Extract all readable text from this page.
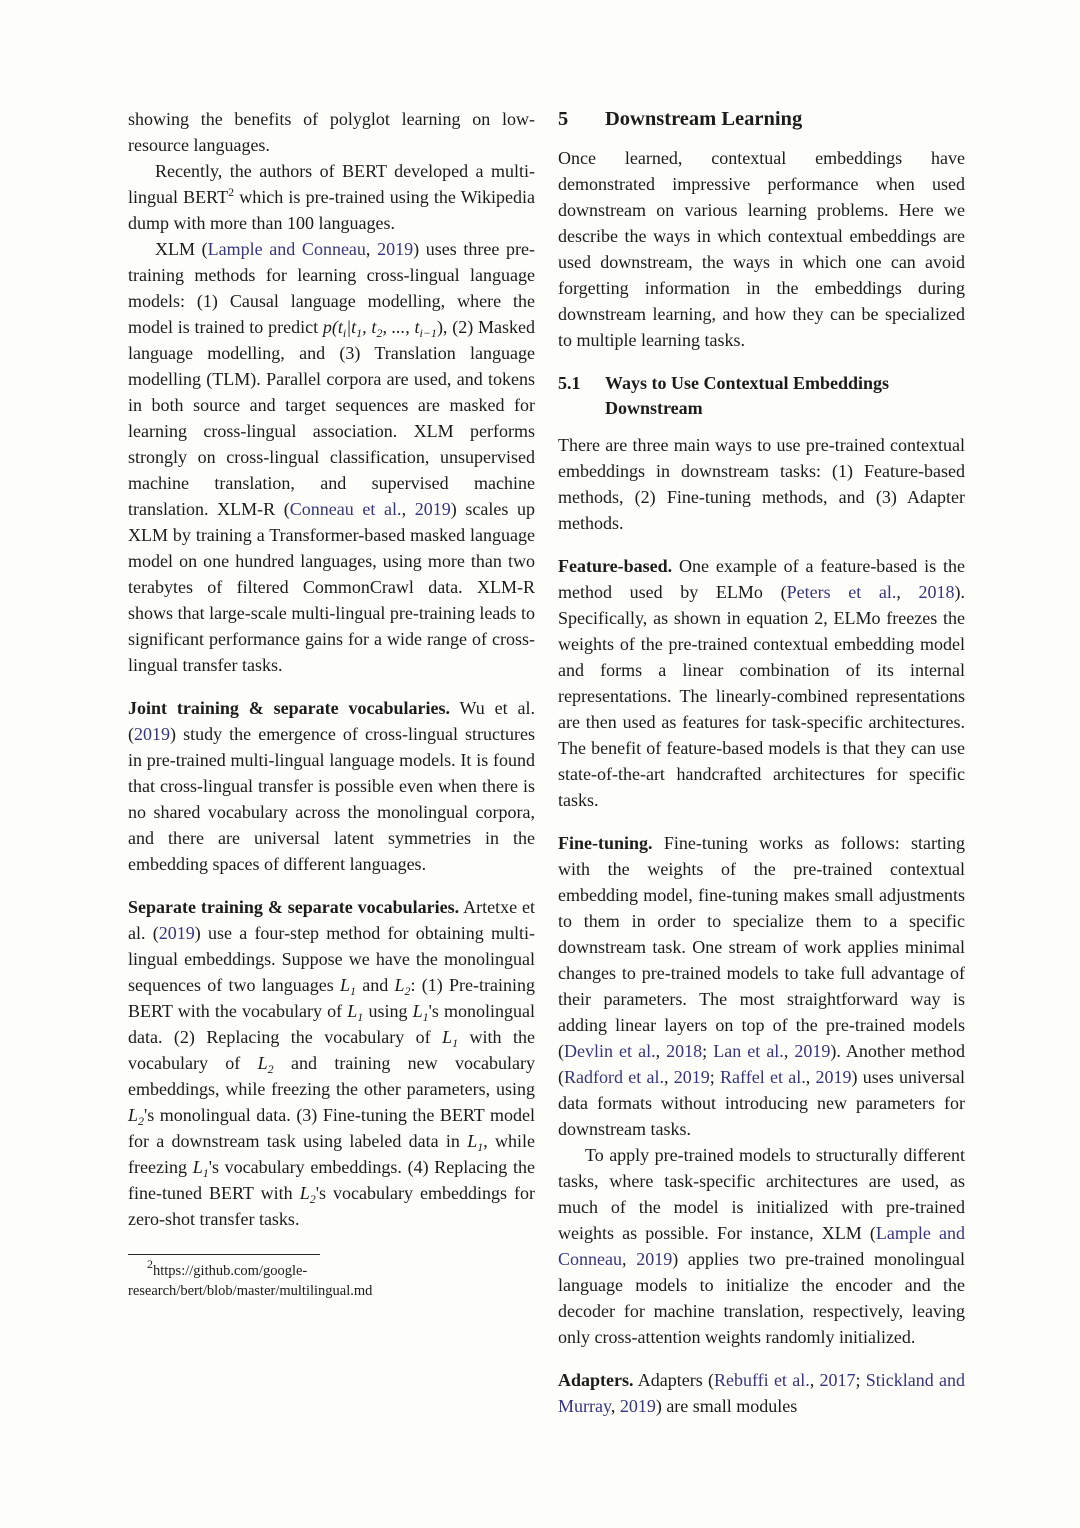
showing the benefits of polyglot learning on low-resource languages.

Recently, the authors of BERT developed a multi-lingual BERT$^2$ which is pre-trained using the Wikipedia dump with more than 100 languages.

XLM (Lample and Conneau, 2019) uses three pre-training methods for learning cross-lingual language models: (1) Causal language modelling, where the model is trained to predict $p(t_i|t_1$, $t_2$, ..., $t_{i-1}$), (2) Masked language modelling, and (3) Translation language modelling (TLM). Parallel corpora are used, and tokens in both source and target sequences are masked for learning cross-lingual association. XLM performs strongly on cross-lingual classification, unsupervised machine translation, and supervised machine translation. XLM-R (Conneau et al., 2019) scales up XLM by training a Transformer-based masked language model on one hundred languages, using more than two terabytes of filtered CommonCrawl data. XLM-R shows that large-scale multi-lingual pre-training leads to significant performance gains for a wide range of cross-lingual transfer tasks.

Joint training & separate vocabularies. Wu et al. (2019) study the emergence of cross-lingual structures in pre-trained multi-lingual language models. It is found that cross-lingual transfer is possible even when there is no shared vocabulary across the monolingual corpora, and there are universal latent symmetries in the embedding spaces of different languages.

Separate training & separate vocabularies. Artetxe et al. (2019) use a four-step method for obtaining multi-lingual embeddings. Suppose we have the monolingual sequences of two languages $L_1$ and $L_2$: (1) Pre-training BERT with the vocabulary of $L_1$ using $L_1's$ monolingual data. (2) Replacing the vocabulary of $L_1$ with the vocabulary of $L_2$ and training new vocabulary embeddings, while freezing the other parameters, using $L_2's$ monolingual data. (3) Fine-tuning the BERT model for a downstream task using labeled data in $L_1$, while freezing $L_1's$ vocabulary embeddings. (4) Replacing the fine-tuned BERT with $L_2's$ vocabulary embeddings for zero-shot transfer tasks.

$^2$https://github.com/google-
research/bert/blob/master/multilingual.md
5	Downstream Learning

Once learned, contextual embeddings have demonstrated impressive performance when used downstream on various learning problems. Here we describe the ways in which contextual embeddings are used downstream, the ways in which one can avoid forgetting information in the embeddings during downstream learning, and how they can be specialized to multiple learning tasks.

5.1	Ways to Use Contextual Embeddings Downstream

There are three main ways to use pre-trained contextual embeddings in downstream tasks: (1) Feature-based methods, (2) Fine-tuning methods, and (3) Adapter methods.

Feature-based. One example of a feature-based is the method used by ELMo (Peters et al., 2018). Specifically, as shown in equation 2, ELMo freezes the weights of the pre-trained contextual embedding model and forms a linear combination of its internal representations. The linearly-combined representations are then used as features for task-specific architectures. The benefit of feature-based models is that they can use state-of-the-art handcrafted architectures for specific tasks.

Fine-tuning. Fine-tuning works as follows: starting with the weights of the pre-trained contextual embedding model, fine-tuning makes small adjustments to them in order to specialize them to a specific downstream task. One stream of work applies minimal changes to pre-trained models to take full advantage of their parameters. The most straightforward way is adding linear layers on top of the pre-trained models (Devlin et al., 2018; Lan et al., 2019). Another method (Radford et al., 2019; Raffel et al., 2019) uses universal data formats without introducing new parameters for downstream tasks.

To apply pre-trained models to structurally different tasks, where task-specific architectures are used, as much of the model is initialized with pre-trained weights as possible. For instance, XLM (Lample and Conneau, 2019) applies two pre-trained monolingual language models to initialize the encoder and the decoder for machine translation, respectively, leaving only cross-attention weights randomly initialized.

Adapters. Adapters (Rebuffi et al., 2017; Stickland and Murray, 2019) are small modules
